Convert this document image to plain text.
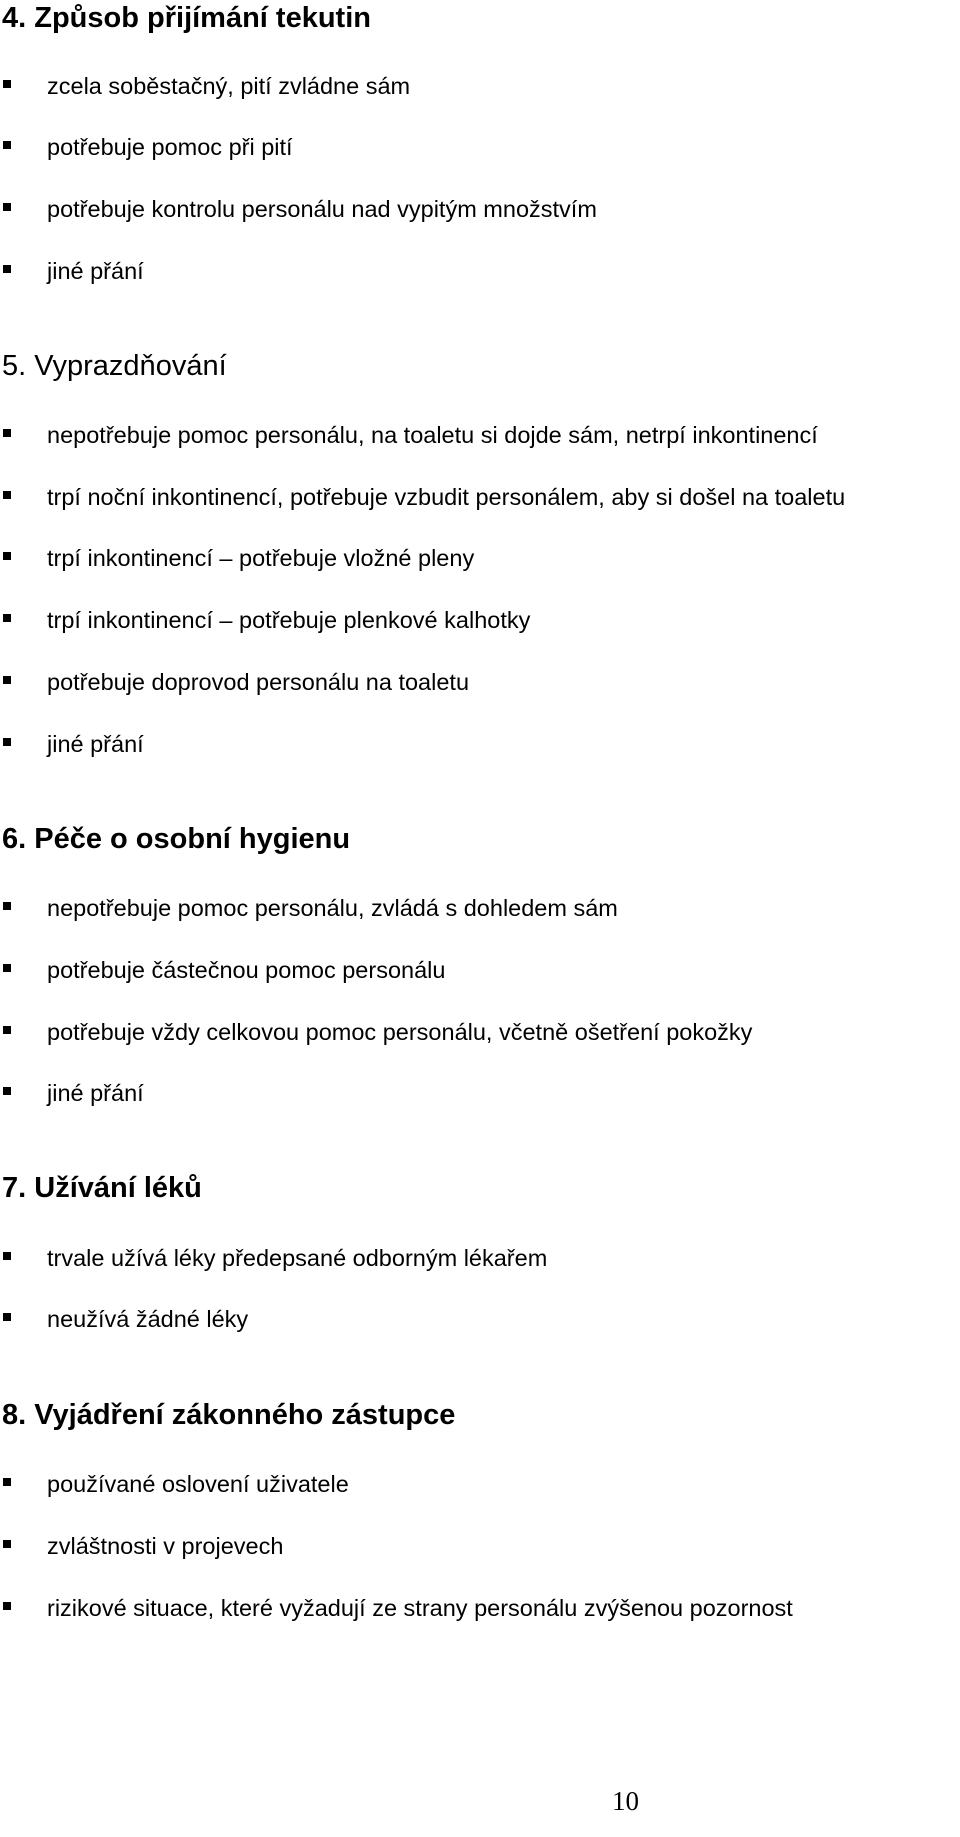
4. Způsob přijímání tekutin
zcela soběstačný, pití zvládne sám
potřebuje pomoc při pití
potřebuje kontrolu personálu nad vypitým množstvím
jiné přání
5. Vyprazdňování
nepotřebuje pomoc personálu, na toaletu si dojde sám, netrpí inkontinencí
trpí noční inkontinencí, potřebuje vzbudit personálem, aby si došel na toaletu
trpí inkontinencí – potřebuje vložné pleny
trpí inkontinencí – potřebuje plenkové kalhotky
potřebuje doprovod personálu na toaletu
jiné přání
6. Péče o osobní hygienu
nepotřebuje pomoc personálu, zvládá s dohledem sám
potřebuje částečnou pomoc personálu
potřebuje vždy celkovou pomoc personálu, včetně ošetření pokožky
jiné přání
7. Užívání léků
trvale užívá léky předepsané odborným lékařem
neužívá žádné léky
8. Vyjádření zákonného zástupce
používané oslovení uživatele
zvláštnosti v projevech
rizikové situace, které vyžadují ze strany personálu zvýšenou pozornost
10
